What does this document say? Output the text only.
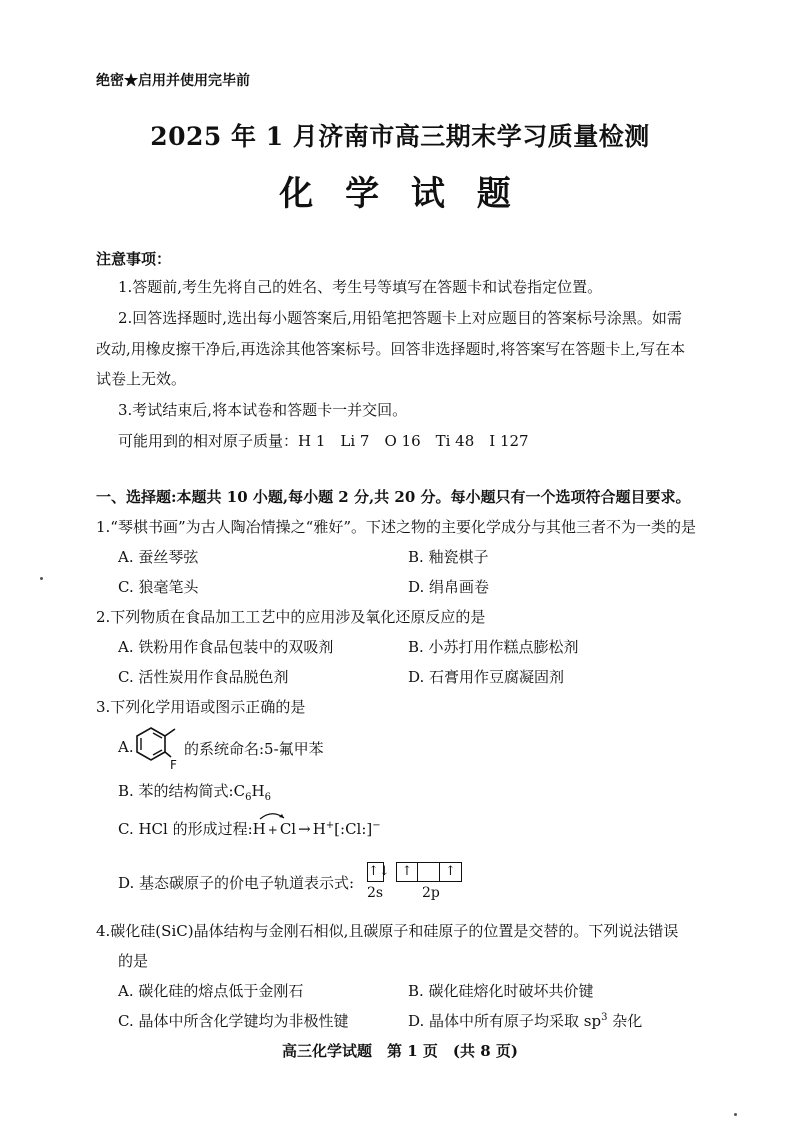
绝密★启用并使用完毕前
2025 年 1 月济南市高三期末学习质量检测
化 学 试 题
注意事项：
1.答题前,考生先将自己的姓名、考生号等填写在答题卡和试卷指定位置。
2.回答选择题时,选出每小题答案后,用铅笔把答题卡上对应题目的答案标号涂黑。如需
改动,用橡皮擦干净后,再选涂其他答案标号。回答非选择题时,将答案写在答题卡上,写在本
试卷上无效。
3.考试结束后,将本试卷和答题卡一并交回。
可能用到的相对原子质量：H 1　Li 7　O 16　Ti 48　I 127
一、选择题:本题共 10 小题,每小题 2 分,共 20 分。每小题只有一个选项符合题目要求。
1.“琴棋书画”为古人陶冶情操之“雅好”。下述之物的主要化学成分与其他三者不为一类的是
A. 蚕丝琴弦	B. 釉瓷棋子
C. 狼毫笔头	D. 绢帛画卷
2.下列物质在食品加工工艺中的应用涉及氧化还原反应的是
A. 铁粉用作食品包装中的双吸剂	B. 小苏打用作糕点膨松剂
C. 活性炭用作食品脱色剂	D. 石膏用作豆腐凝固剂
3.下列化学用语或图示正确的是
A.
F
的系统命名:5-氟甲苯
B. 苯的结构简式$:C_6H_6$
C. HCl 的形成过程:H + Cl → H+[:Cl:]−
D. 基态碳原子的价电子轨道表示式:
↑↓
2s
↑	↑
2p
4.碳化硅(SiC)晶体结构与金刚石相似,且碳原子和硅原子的位置是交替的。下列说法错误
的是
A. 碳化硅的熔点低于金刚石	B. 碳化硅熔化时破坏共价键
C. 晶体中所含化学键均为非极性键	D. 晶体中所有原子均采取 $sp^3$ 杂化
高三化学试题　第 1 页　(共 8 页)
